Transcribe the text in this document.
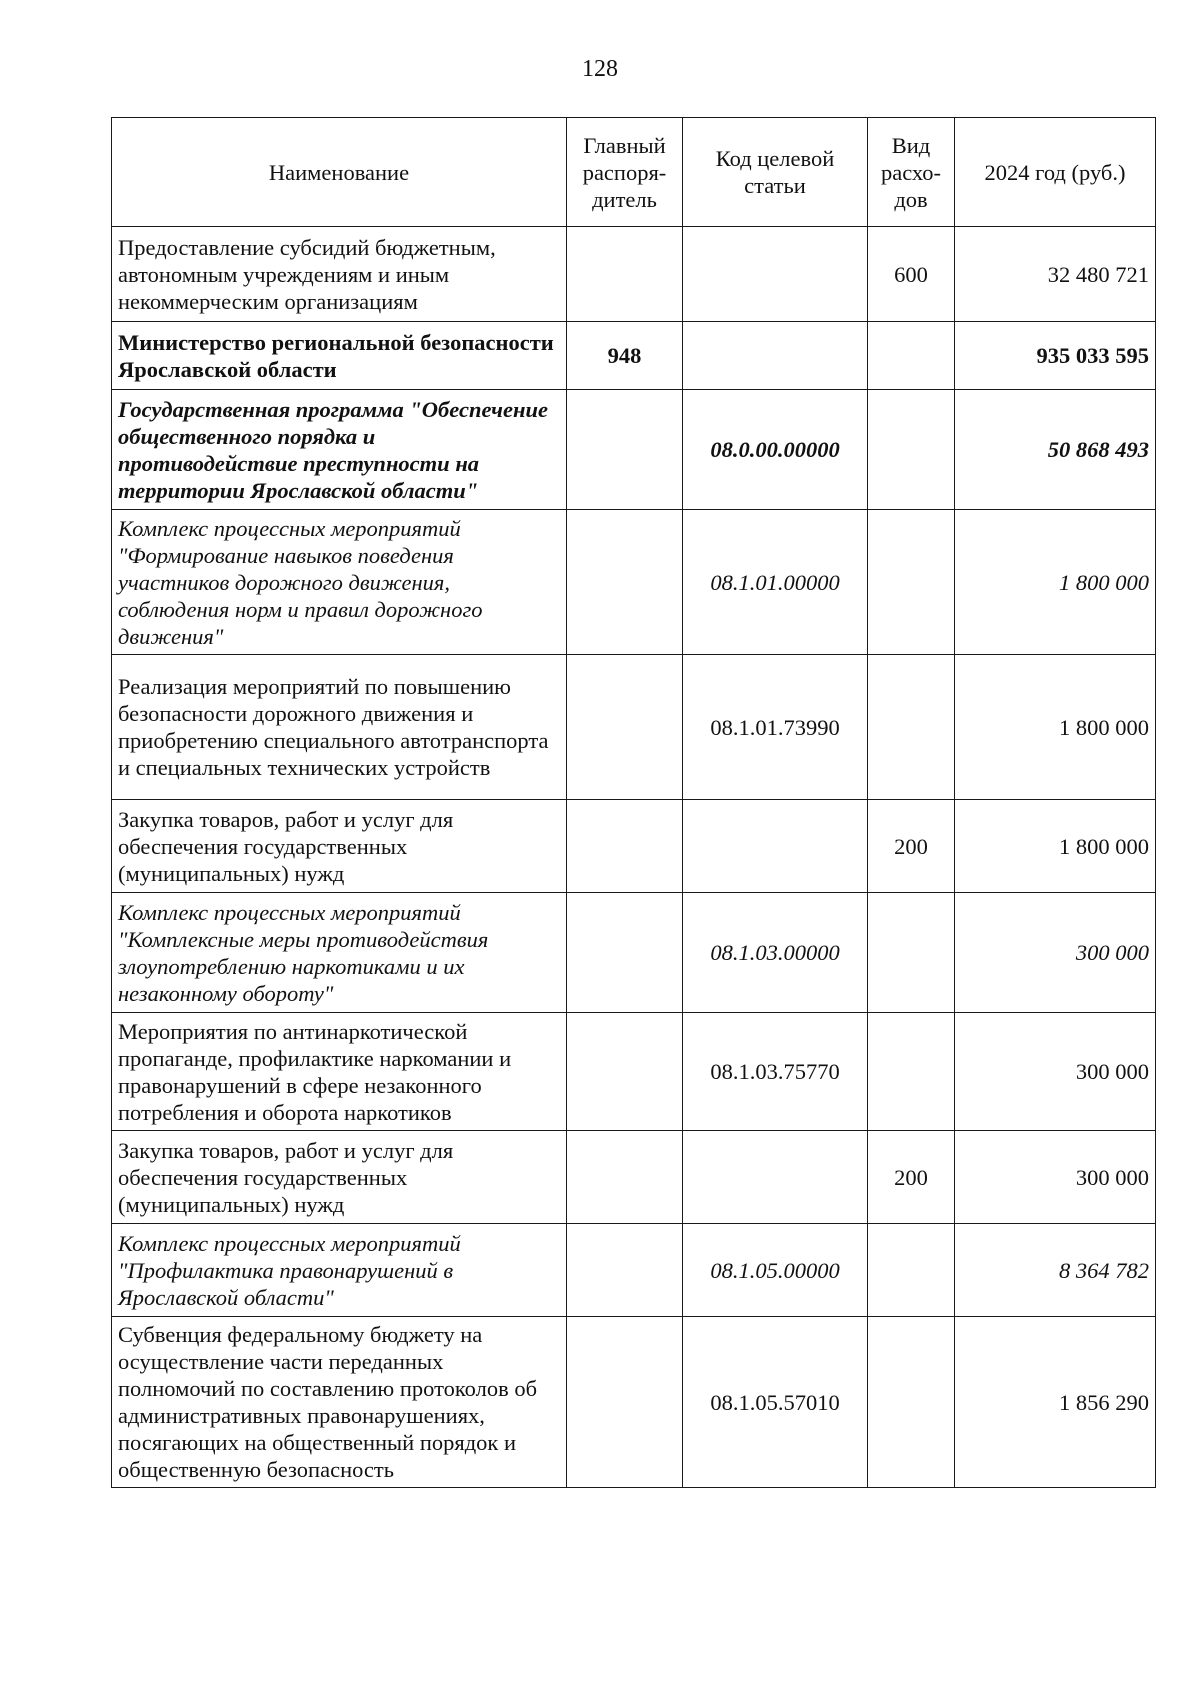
128
Наименование	Главный распоря-дитель	Код целевой статьи	Вид расхо-дов	2024 год (руб.)
Предоставление субсидий бюджетным, автономным учреждениям и иным некоммерческим организациям			600	32 480 721
Министерство региональной безопасности Ярославской области	948			935 033 595
Государственная программа "Обеспечение общественного порядка и противодействие преступности на территории Ярославской области"		08.0.00.00000		50 868 493
Комплекс процессных мероприятий "Формирование навыков поведения участников дорожного движения, соблюдения норм и правил дорожного движения"		08.1.01.00000		1 800 000
Реализация мероприятий по повышению безопасности дорожного движения и приобретению специального автотранспорта и специальных технических устройств		08.1.01.73990		1 800 000
Закупка товаров, работ и услуг для обеспечения государственных (муниципальных) нужд			200	1 800 000
Комплекс процессных мероприятий "Комплексные меры противодействия злоупотреблению наркотиками и их незаконному обороту"		08.1.03.00000		300 000
Мероприятия по антинаркотической пропаганде, профилактике наркомании и правонарушений в сфере незаконного потребления и оборота наркотиков		08.1.03.75770		300 000
Закупка товаров, работ и услуг для обеспечения государственных (муниципальных) нужд			200	300 000
Комплекс процессных мероприятий "Профилактика правонарушений в Ярославской области"		08.1.05.00000		8 364 782
Субвенция федеральному бюджету на осуществление части переданных полномочий по составлению протоколов об административных правонарушениях, посягающих на общественный порядок и общественную безопасность		08.1.05.57010		1 856 290
